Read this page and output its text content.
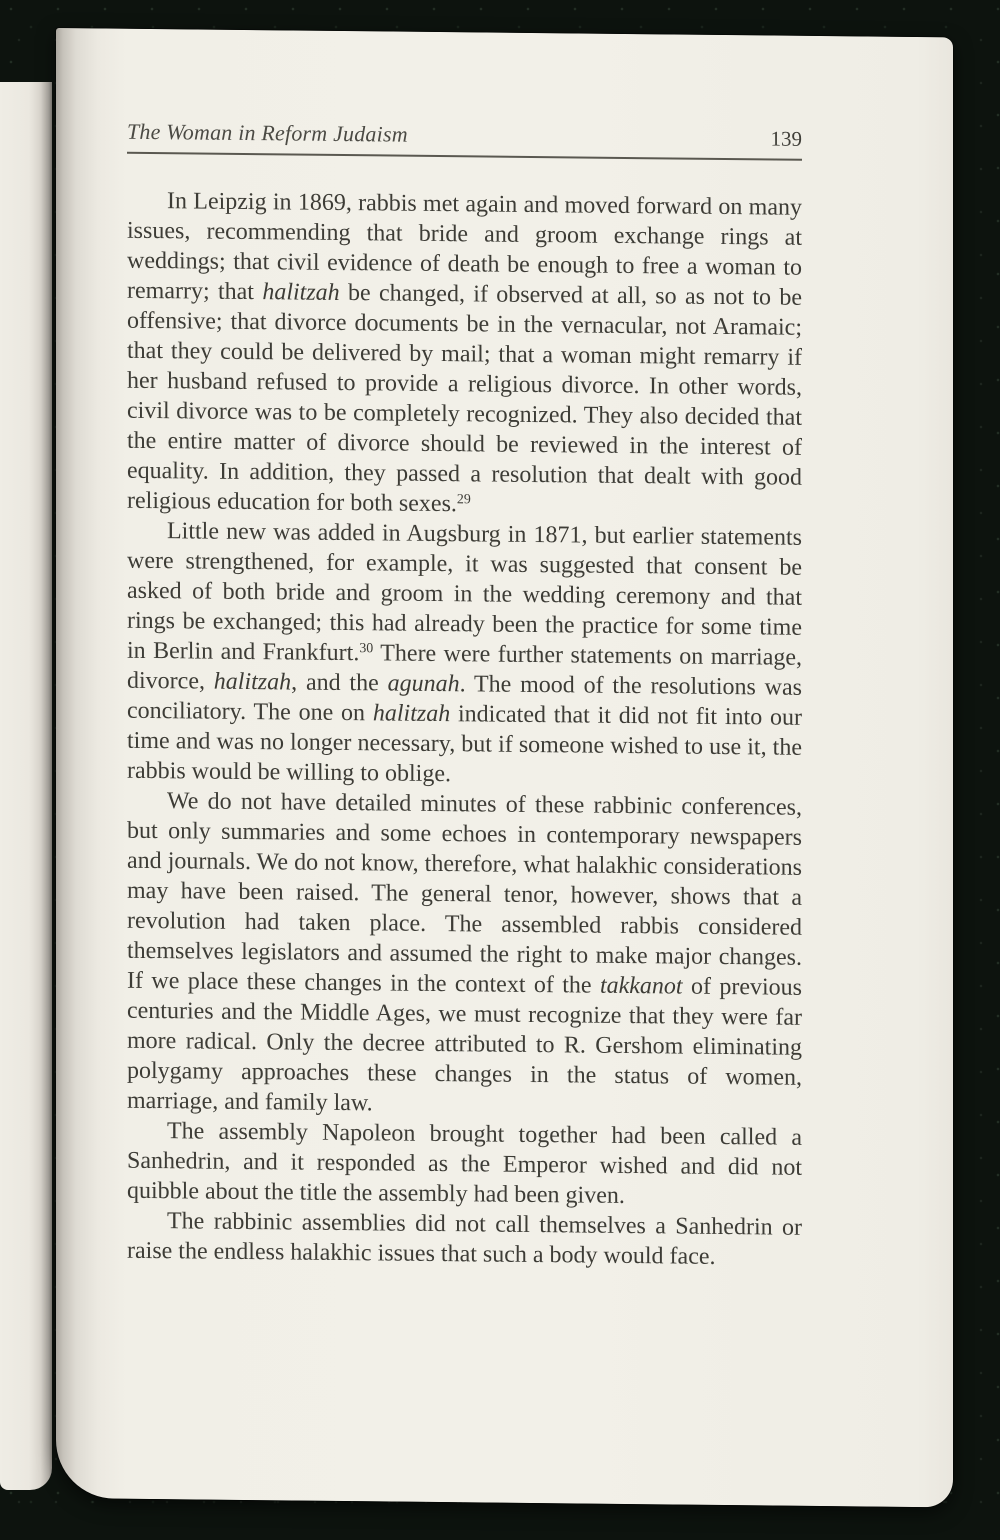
The Woman in Reform Judaism	139

In Leipzig in 1869, rabbis met again and moved forward on many issues, recommending that bride and groom exchange rings at weddings; that civil evidence of death be enough to free a woman to remarry; that halitzah be changed, if observed at all, so as not to be offensive; that divorce documents be in the vernacular, not Aramaic; that they could be delivered by mail; that a woman might remarry if her husband refused to provide a religious divorce. In other words, civil divorce was to be completely recognized. They also decided that the entire matter of divorce should be reviewed in the interest of equality. In addition, they passed a resolution that dealt with good religious education for both sexes.$^{29}$

Little new was added in Augsburg in 1871, but earlier statements were strengthened, for example, it was suggested that consent be asked of both bride and groom in the wedding ceremony and that rings be exchanged; this had already been the practice for some time in Berlin and Frankfurt.$^{30}$ There were further statements on marriage, divorce, halitzah, and the agunah. The mood of the resolutions was conciliatory. The one on halitzah indicated that it did not fit into our time and was no longer necessary, but if someone wished to use it, the rabbis would be willing to oblige.

We do not have detailed minutes of these rabbinic conferences, but only summaries and some echoes in contemporary newspapers and journals. We do not know, therefore, what halakhic considerations may have been raised. The general tenor, however, shows that a revolution had taken place. The assembled rabbis considered themselves legislators and assumed the right to make major changes. If we place these changes in the context of the takkanot of previous centuries and the Middle Ages, we must recognize that they were far more radical. Only the decree attributed to R. Gershom eliminating polygamy approaches these changes in the status of women, marriage, and family law.

The assembly Napoleon brought together had been called a Sanhedrin, and it responded as the Emperor wished and did not quibble about the title the assembly had been given.

The rabbinic assemblies did not call themselves a Sanhedrin or raise the endless halakhic issues that such a body would face.
